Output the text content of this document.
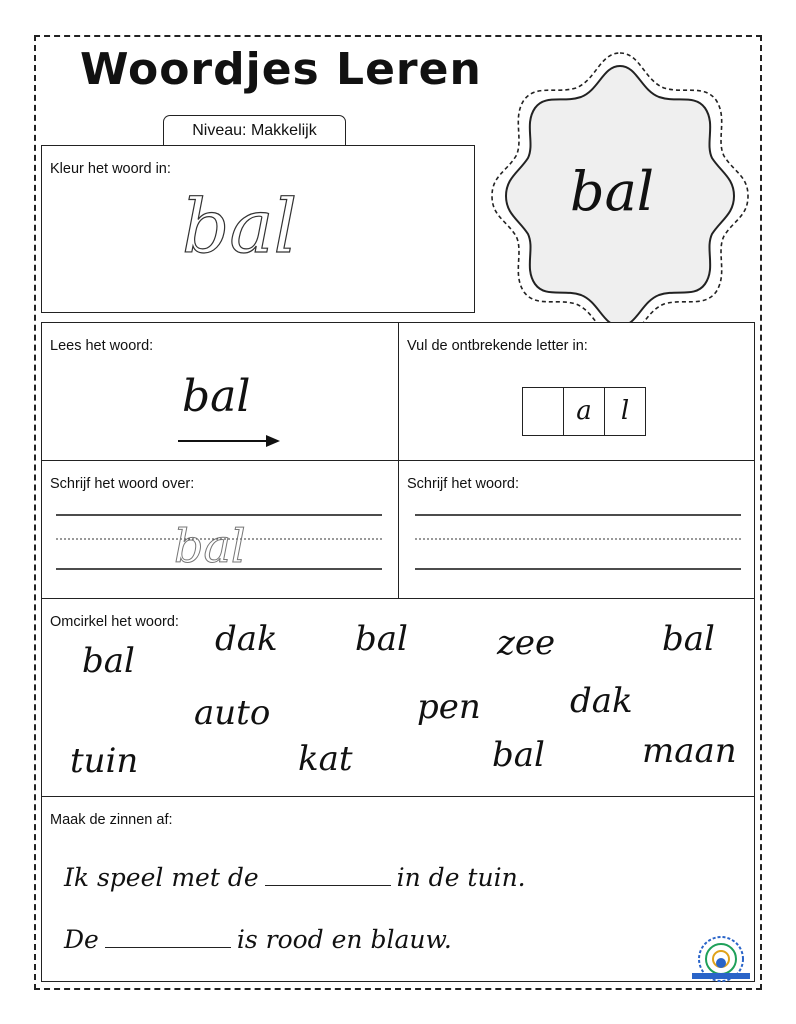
Woordjes Leren
Niveau: Makkelijk
bal
Kleur het woord in:
bal
Lees het woord:
bal
Vul de ontbrekende letter in:
a	l
Schrijf het woord over:
bal
Schrijf het woord:
Omcirkel het woord:
bal
dak bal	zee	bal
auto	pen	dak
tuin	kat	bal	maan
Maak de zinnen af:
Ik speel met de	in de tuin.
De	is rood en blauw.
